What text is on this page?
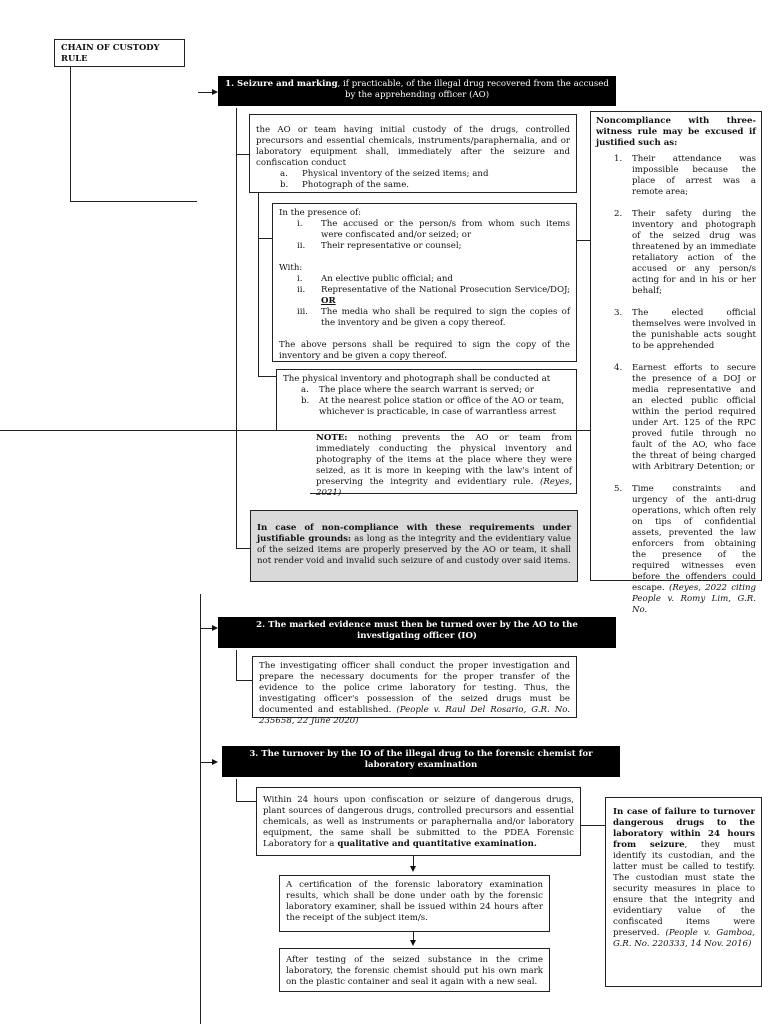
CHAIN OF CUSTODY RULE
1. Seizure and marking, if practicable, of the illegal drug recovered from the accused by the apprehending officer (AO)
the AO or team having initial custody of the drugs, controlled precursors and essential chemicals, instruments/paraphernalia, and or laboratory equipment shall, immediately after the seizure and confiscation conduct
a.	Physical inventory of the seized items; and
b.	Photograph of the same.
In the presence of:
i.	The accused or the person/s from whom such items were confiscated and/or seized; or
ii.	Their representative or counsel;
With:
i.	An elective public official; and
ii.	Representative of the National Prosecution Service/DOJ; OR
iii.	The media who shall be required to sign the copies of the inventory and be given a copy thereof.
The above persons shall be required to sign the copy of the inventory and be given a copy thereof.
The physical inventory and photograph shall be conducted at
a.	The place where the search warrant is served; or
b.	At the nearest police station or office of the AO or team, whichever is practicable, in case of warrantless arrest
NOTE: nothing prevents the AO or team from immediately conducting the physical inventory and photography of the items at the place where they were seized, as it is more in keeping with the law's intent of preserving the integrity and evidentiary rule. (Reyes, 2021)
In case of non-compliance with these requirements under justifiable grounds: as long as the integrity and the evidentiary value of the seized items are properly preserved by the AO or team, it shall not render void and invalid such seizure of and custody over said items.
Noncompliance with three-witness rule may be excused if justified such as:
1.	Their attendance was impossible because the place of arrest was a remote area;
2.	Their safety during the inventory and photograph of the seized drug was threatened by an immediate retaliatory action of the accused or any person/s acting for and in his or her behalf;
3.	The elected official themselves were involved in the punishable acts sought to be apprehended
4.	Earnest efforts to secure the presence of a DOJ or media representative and an elected public official within the period required under Art. 125 of the RPC proved futile through no fault of the AO, who face the threat of being charged with Arbitrary Detention; or
5.	Time constraints and urgency of the anti-drug operations, which often rely on tips of confidential assets, prevented the law enforcers from obtaining the presence of the required witnesses even before the offenders could escape. (Reyes, 2022 citing People v. Romy Lim, G.R. No.
2. The marked evidence must then be turned over by the AO to the investigating officer (IO)
The investigating officer shall conduct the proper investigation and prepare the necessary documents for the proper transfer of the evidence to the police crime laboratory for testing. Thus, the investigating officer's possession of the seized drugs must be documented and established. (People v. Raul Del Rosario, G.R. No. 235658, 22 June 2020)
3. The turnover by the IO of the illegal drug to the forensic chemist for laboratory examination
Within 24 hours upon confiscation or seizure of dangerous drugs, plant sources of dangerous drugs, controlled precursors and essential chemicals, as well as instruments or paraphernalia and/or laboratory equipment, the same shall be submitted to the PDEA Forensic Laboratory for a qualitative and quantitative examination.
A certification of the forensic laboratory examination results, which shall be done under oath by the forensic laboratory examiner, shall be issued within 24 hours after the receipt of the subject item/s.
After testing of the seized substance in the crime laboratory, the forensic chemist should put his own mark on the plastic container and seal it again with a new seal.
In case of failure to turnover dangerous drugs to the laboratory within 24 hours from seizure, they must identify its custodian, and the latter must be called to testify. The custodian must state the security measures in place to ensure that the integrity and evidentiary value of the confiscated items were preserved. (People v. Gamboa, G.R. No. 220333, 14 Nov. 2016)
